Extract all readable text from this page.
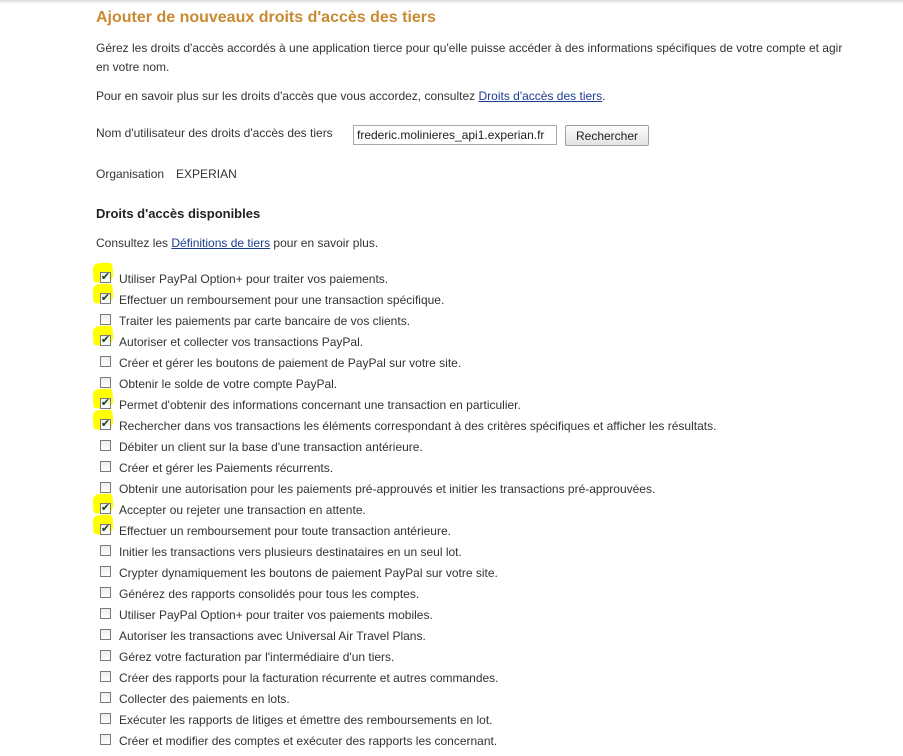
Ajouter de nouveaux droits d'accès des tiers

Gérez les droits d'accès accordés à une application tierce pour qu'elle puisse accéder à des informations spécifiques de votre compte et agir en votre nom.

Pour en savoir plus sur les droits d'accès que vous accordez, consultez Droits d'accès des tiers.

Nom d'utilisateur des droits d'accès des tiers
frederic.molinieres_api1.experian.fr	Rechercher
Organisation EXPERIAN
Droits d'accès disponibles

Consultez les Définitions de tiers pour en savoir plus.

✔ Utiliser PayPal Option+ pour traiter vos paiements.
✔ Effectuer un remboursement pour une transaction spécifique.
Traiter les paiements par carte bancaire de vos clients.
✔ Autoriser et collecter vos transactions PayPal.
Créer et gérer les boutons de paiement de PayPal sur votre site.
Obtenir le solde de votre compte PayPal.
✔ Permet d'obtenir des informations concernant une transaction en particulier.
✔ Rechercher dans vos transactions les éléments correspondant à des critères spécifiques et afficher les résultats.
Débiter un client sur la base d'une transaction antérieure.
Créer et gérer les Paiements récurrents.
Obtenir une autorisation pour les paiements pré-approuvés et initier les transactions pré-approuvées.
✔ Accepter ou rejeter une transaction en attente.
✔ Effectuer un remboursement pour toute transaction antérieure.
Initier les transactions vers plusieurs destinataires en un seul lot.
Crypter dynamiquement les boutons de paiement PayPal sur votre site.
Générez des rapports consolidés pour tous les comptes.
Utiliser PayPal Option+ pour traiter vos paiements mobiles.
Autoriser les transactions avec Universal Air Travel Plans.
Gérez votre facturation par l'intermédiaire d'un tiers.
Créer des rapports pour la facturation récurrente et autres commandes.
Collecter des paiements en lots.
Exécuter les rapports de litiges et émettre des remboursements en lot.
Créer et modifier des comptes et exécuter des rapports les concernant.
